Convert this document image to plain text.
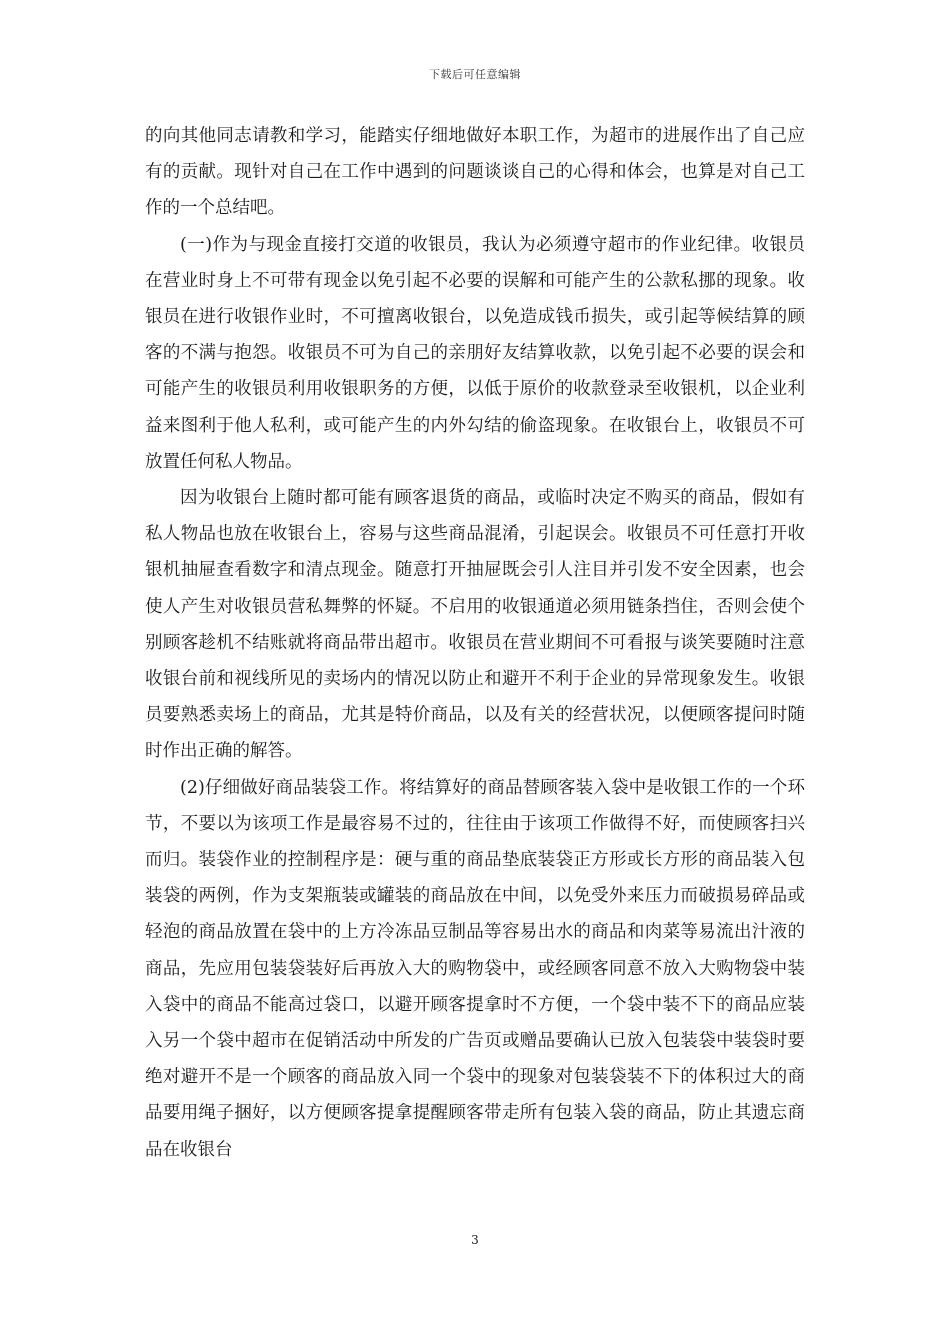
下载后可任意编辑

的向其他同志请教和学习，能踏实仔细地做好本职工作，为超市的进展作出了自己应有的贡献。现针对自己在工作中遇到的问题谈谈自己的心得和体会，也算是对自己工作的一个总结吧。

(一)作为与现金直接打交道的收银员，我认为必须遵守超市的作业纪律。收银员在营业时身上不可带有现金以免引起不必要的误解和可能产生的公款私挪的现象。收银员在进行收银作业时，不可擅离收银台，以免造成钱币损失，或引起等候结算的顾客的不满与抱怨。收银员不可为自己的亲朋好友结算收款，以免引起不必要的误会和可能产生的收银员利用收银职务的方便，以低于原价的收款登录至收银机，以企业利益来图利于他人私利，或可能产生的内外勾结的偷盗现象。在收银台上，收银员不可放置任何私人物品。

因为收银台上随时都可能有顾客退货的商品，或临时决定不购买的商品，假如有私人物品也放在收银台上，容易与这些商品混淆，引起误会。收银员不可任意打开收银机抽屉查看数字和清点现金。随意打开抽屉既会引人注目并引发不安全因素，也会使人产生对收银员营私舞弊的怀疑。不启用的收银通道必须用链条挡住，否则会使个别顾客趁机不结账就将商品带出超市。收银员在营业期间不可看报与谈笑要随时注意收银台前和视线所见的卖场内的情况以防止和避开不利于企业的异常现象发生。收银员要熟悉卖场上的商品，尤其是特价商品，以及有关的经营状况，以便顾客提问时随时作出正确的解答。

(2)仔细做好商品装袋工作。将结算好的商品替顾客装入袋中是收银工作的一个环节，不要以为该项工作是最容易不过的，往往由于该项工作做得不好，而使顾客扫兴而归。装袋作业的控制程序是：硬与重的商品垫底装袋正方形或长方形的商品装入包装袋的两例，作为支架瓶装或罐装的商品放在中间，以免受外来压力而破损易碎品或轻泡的商品放置在袋中的上方冷冻品豆制品等容易出水的商品和肉菜等易流出汁液的商品，先应用包装袋装好后再放入大的购物袋中，或经顾客同意不放入大购物袋中装入袋中的商品不能高过袋口，以避开顾客提拿时不方便，一个袋中装不下的商品应装入另一个袋中超市在促销活动中所发的广告页或赠品要确认已放入包装袋中装袋时要绝对避开不是一个顾客的商品放入同一个袋中的现象对包装袋装不下的体积过大的商品要用绳子捆好，以方便顾客提拿提醒顾客带走所有包装入袋的商品，防止其遗忘商品在收银台

3
